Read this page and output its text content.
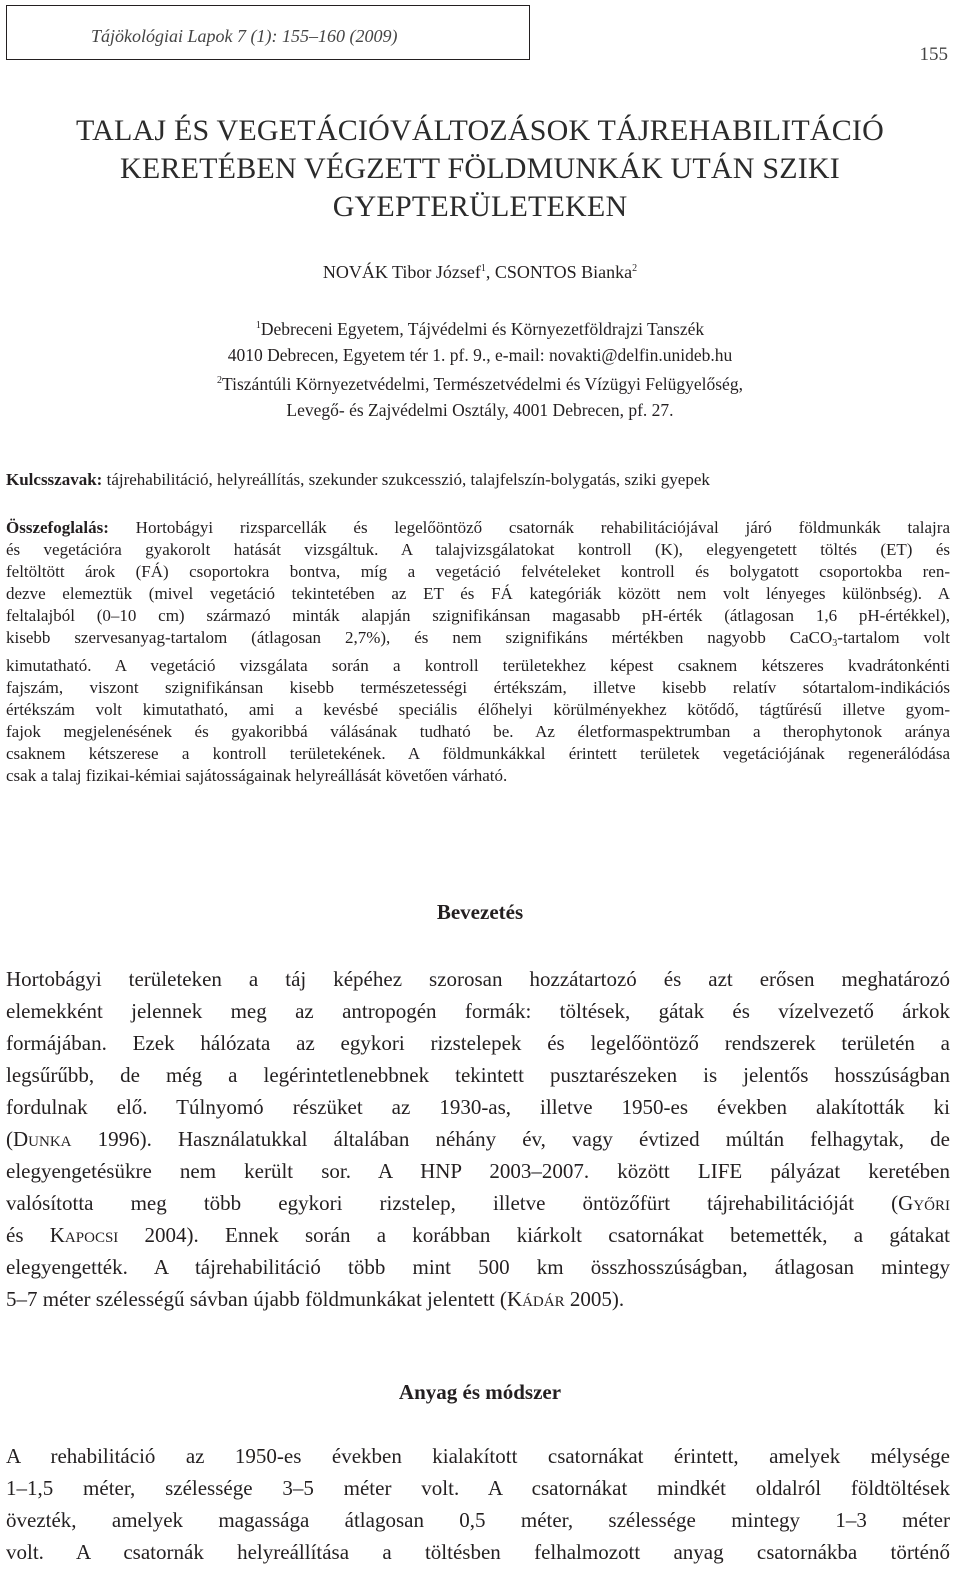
Tájökológiai Lapok 7 (1): 155–160 (2009)
155
TALAJ ÉS VEGETÁCIÓVÁLTOZÁSOK TÁJREHABILITÁCIÓ
KERETÉBEN VÉGZETT FÖLDMUNKÁK UTÁN SZIKI
GYEPTERÜLETEKEN
NOVÁK Tibor József$^1$, CSONTOS Bianka$^2$
$^1$Debreceni Egyetem, Tájvédelmi és Környezetföldrajzi Tanszék
4010 Debrecen, Egyetem tér 1. pf. 9., e-mail: novakti@delfin.unideb.hu
$^2$Tiszántúli Környezetvédelmi, Természetvédelmi és Vízügyi Felügyelőség,
Levegő- és Zajvédelmi Osztály, 4001 Debrecen, pf. 27.
Kulcsszavak: tájrehabilitáció, helyreállítás, szekunder szukcesszió, talajfelszín-bolygatás, sziki gyepek
Összefoglalás: Hortobágyi rizsparcellák és legelőöntöző csatornák rehabilitációjával járó földmunkák talajra
és vegetációra gyakorolt hatását vizsgáltuk. A talajvizsgálatokat kontroll (K), elegyengetett töltés (ET) és
feltöltött árok (FÁ) csoportokra bontva, míg a vegetáció felvételeket kontroll és bolygatott csoportokba ren-
dezve elemeztük (mivel vegetáció tekintetében az ET és FÁ kategóriák között nem volt lényeges különbség). A
feltalajból (0–10 cm) származó minták alapján szignifikánsan magasabb pH-érték (átlagosan 1,6 pH-értékkel),
kisebb szervesanyag-tartalom (átlagosan 2,7%), és nem szignifikáns mértékben nagyobb CaCO$_3$-tartalom volt
kimutatható. A vegetáció vizsgálata során a kontroll területekhez képest csaknem kétszeres kvadrátonkénti
fajszám, viszont szignifikánsan kisebb természetességi értékszám, illetve kisebb relatív sótartalom-indikációs
értékszám volt kimutatható, ami a kevésbé speciális élőhelyi körülményekhez kötődő, tágtűrésű illetve gyom-
fajok megjelenésének és gyakoribbá válásának tudható be. Az életformaspektrumban a therophytonok aránya
csaknem kétszerese a kontroll területekének. A földmunkákkal érintett területek vegetációjának regenerálódása
csak a talaj fizikai-kémiai sajátosságainak helyreállását követően várható.
Bevezetés
Hortobágyi területeken a táj képéhez szorosan hozzátartozó és azt erősen meghatározó
elemekként jelennek meg az antropogén formák: töltések, gátak és vízelvezető árkok
formájában. Ezek hálózata az egykori rizstelepek és legelőöntöző rendszerek területén a
legsűrűbb, de még a legérintetlenebbnek tekintett pusztarészeken is jelentős hosszúságban
fordulnak elő. Túlnyomó részüket az 1930-as, illetve 1950-es években alakították ki
(Dunka 1996). Használatukkal általában néhány év, vagy évtized múltán felhagytak, de
elegyengetésükre nem került sor. A HNP 2003–2007. között LIFE pályázat keretében
valósította meg több egykori rizstelep, illetve öntözőfürt tájrehabilitációját (Győri
és Kapocsi 2004). Ennek során a korábban kiárkolt csatornákat betemették, a gátakat
elegyengették. A tájrehabilitáció több mint 500 km összhosszúságban, átlagosan mintegy
5–7 méter szélességű sávban újabb földmunkákat jelentett (Kádár 2005).
Anyag és módszer
A rehabilitáció az 1950-es években kialakított csatornákat érintett, amelyek mélysége
1–1,5 méter, szélessége 3–5 méter volt. A csatornákat mindkét oldalról földtöltések
övezték, amelyek magassága átlagosan 0,5 méter, szélessége mintegy 1–3 méter
volt. A csatornák helyreállítása a töltésben felhalmozott anyag csatornákba történő
